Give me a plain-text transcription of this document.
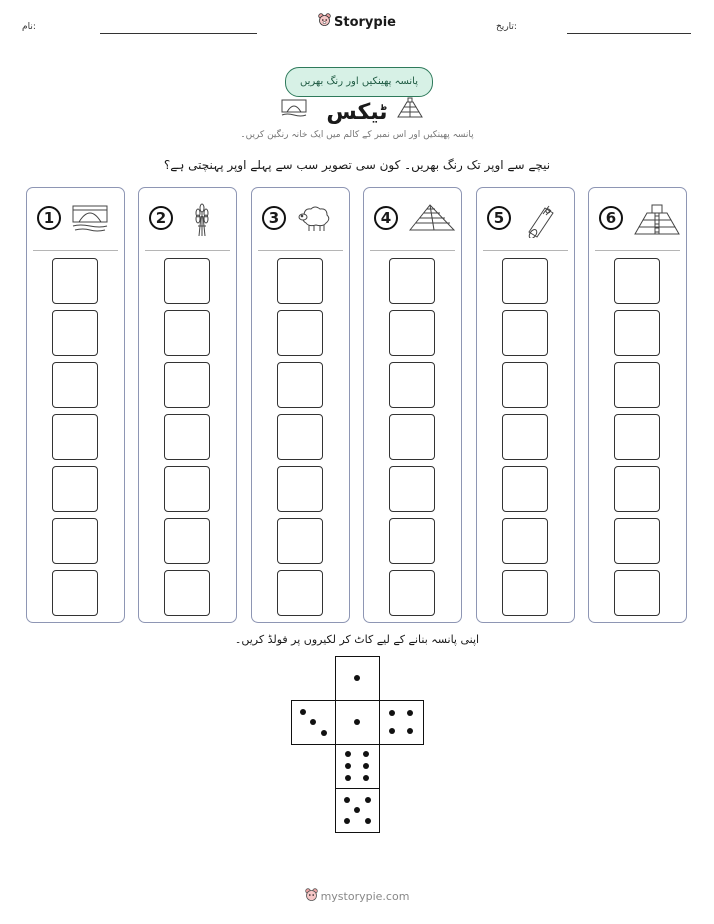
نام:	Storypie	تاریخ:
پانسہ پھینکیں اور رنگ بھریں
ٹیکس
پانسہ پھینکیں اور اس نمبر کے کالم میں ایک خانہ رنگین کریں۔
نیچے سے اوپر تک رنگ بھریں۔ کون سی تصویر سب سے پہلے اوپر پہنچتی ہے؟
1	2	3	4	5	6
اپنی پانسہ بنانے کے لیے کاٹ کر لکیروں پر فولڈ کریں۔
mystorypie.com
